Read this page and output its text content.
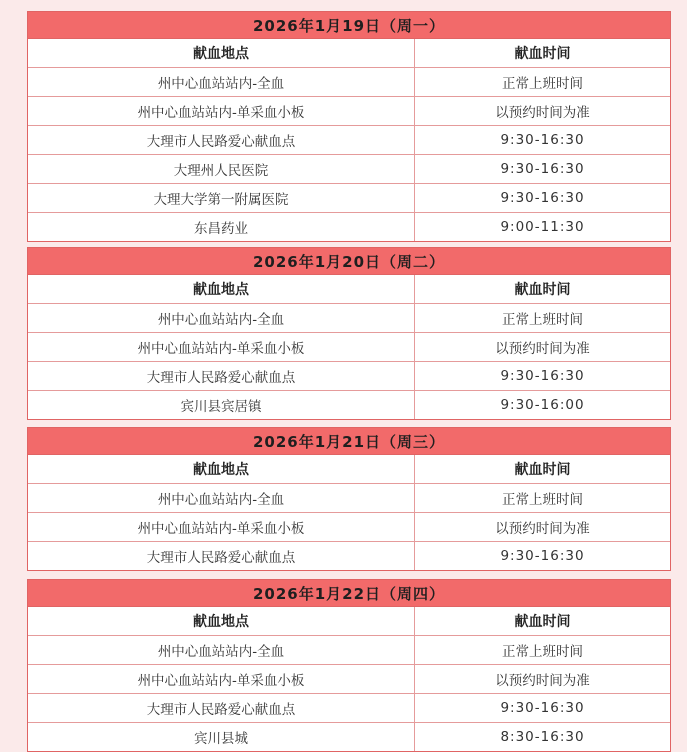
2026年1月19日（周一）
献血地点	献血时间
州中心血站站内-全血	正常上班时间
州中心血站站内-单采血小板	以预约时间为准
大理市人民路爱心献血点	9:30-16:30
大理州人民医院	9:30-16:30
大理大学第一附属医院	9:30-16:30
东昌药业	9:00-11:30
2026年1月20日（周二）
献血地点	献血时间
州中心血站站内-全血	正常上班时间
州中心血站站内-单采血小板	以预约时间为准
大理市人民路爱心献血点	9:30-16:30
宾川县宾居镇	9:30-16:00
2026年1月21日（周三）
献血地点	献血时间
州中心血站站内-全血	正常上班时间
州中心血站站内-单采血小板	以预约时间为准
大理市人民路爱心献血点	9:30-16:30
2026年1月22日（周四）
献血地点	献血时间
州中心血站站内-全血	正常上班时间
州中心血站站内-单采血小板	以预约时间为准
大理市人民路爱心献血点	9:30-16:30
宾川县城	8:30-16:30
